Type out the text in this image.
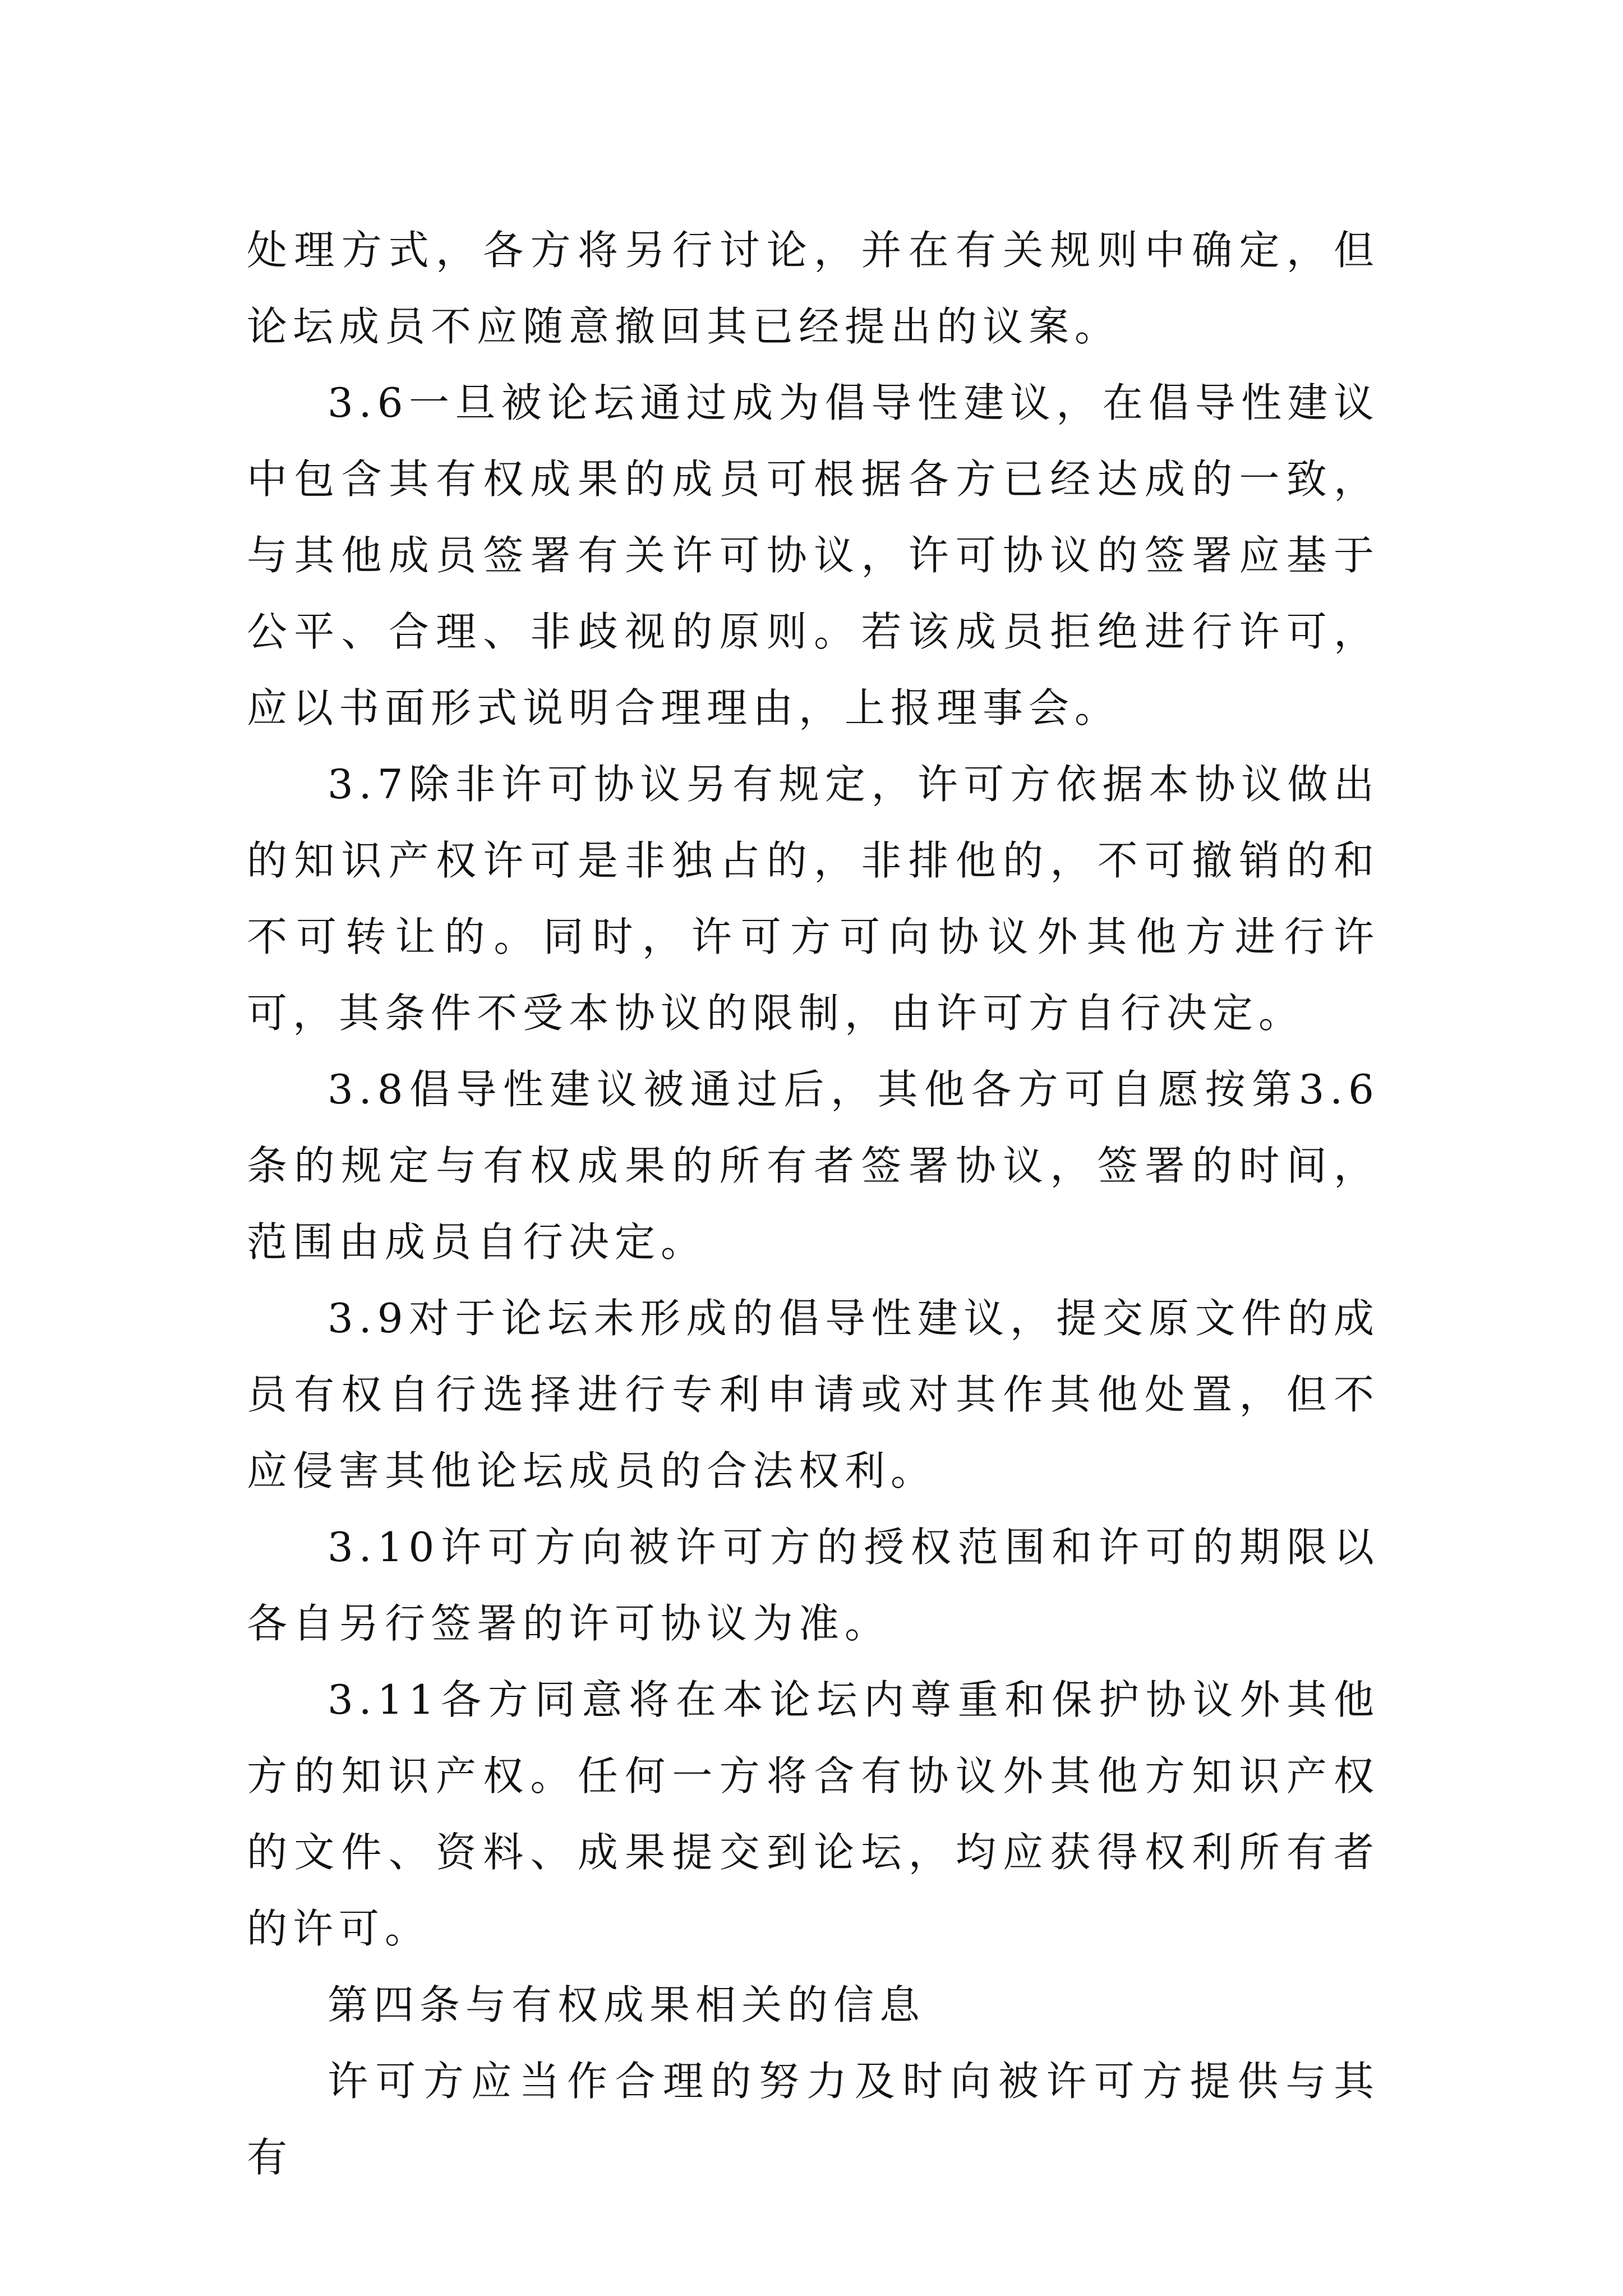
处理方式，各方将另行讨论，并在有关规则中确定，但论坛成员不应随意撤回其已经提出的议案。

3.6一旦被论坛通过成为倡导性建议，在倡导性建议中包含其有权成果的成员可根据各方已经达成的一致，与其他成员签署有关许可协议，许可协议的签署应基于公平、合理、非歧视的原则。若该成员拒绝进行许可，应以书面形式说明合理理由，上报理事会。

3.7除非许可协议另有规定，许可方依据本协议做出的知识产权许可是非独占的，非排他的，不可撤销的和不可转让的。同时，许可方可向协议外其他方进行许可，其条件不受本协议的限制，由许可方自行决定。

3.8倡导性建议被通过后，其他各方可自愿按第3.6条的规定与有权成果的所有者签署协议，签署的时间，范围由成员自行决定。

3.9对于论坛未形成的倡导性建议，提交原文件的成员有权自行选择进行专利申请或对其作其他处置，但不应侵害其他论坛成员的合法权利。

3.10许可方向被许可方的授权范围和许可的期限以各自另行签署的许可协议为准。

3.11各方同意将在本论坛内尊重和保护协议外其他方的知识产权。任何一方将含有协议外其他方知识产权的文件、资料、成果提交到论坛，均应获得权利所有者的许可。

第四条与有权成果相关的信息

许可方应当作合理的努力及时向被许可方提供与其有
